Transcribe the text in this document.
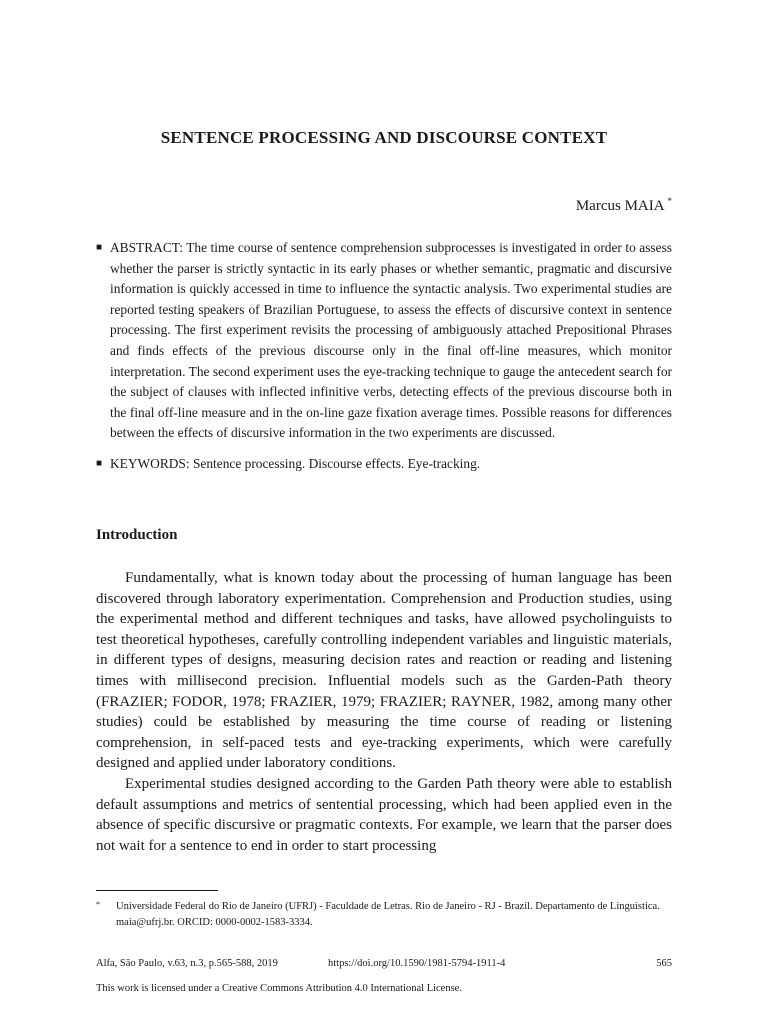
SENTENCE PROCESSING AND DISCOURSE CONTEXT
Marcus MAIA *
■ ABSTRACT: The time course of sentence comprehension subprocesses is investigated in order to assess whether the parser is strictly syntactic in its early phases or whether semantic, pragmatic and discursive information is quickly accessed in time to influence the syntactic analysis. Two experimental studies are reported testing speakers of Brazilian Portuguese, to assess the effects of discursive context in sentence processing. The first experiment revisits the processing of ambiguously attached Prepositional Phrases and finds effects of the previous discourse only in the final off-line measures, which monitor interpretation. The second experiment uses the eye-tracking technique to gauge the antecedent search for the subject of clauses with inflected infinitive verbs, detecting effects of the previous discourse both in the final off-line measure and in the on-line gaze fixation average times. Possible reasons for differences between the effects of discursive information in the two experiments are discussed.
■ KEYWORDS: Sentence processing. Discourse effects. Eye-tracking.
Introduction

Fundamentally, what is known today about the processing of human language has been discovered through laboratory experimentation. Comprehension and Production studies, using the experimental method and different techniques and tasks, have allowed psycholinguists to test theoretical hypotheses, carefully controlling independent variables and linguistic materials, in different types of designs, measuring decision rates and reaction or reading and listening times with millisecond precision. Influential models such as the Garden-Path theory (FRAZIER; FODOR, 1978; FRAZIER, 1979; FRAZIER; RAYNER, 1982, among many other studies) could be established by measuring the time course of reading or listening comprehension, in self-paced tests and eye-tracking experiments, which were carefully designed and applied under laboratory conditions.

Experimental studies designed according to the Garden Path theory were able to establish default assumptions and metrics of sentential processing, which had been applied even in the absence of specific discursive or pragmatic contexts. For example, we learn that the parser does not wait for a sentence to end in order to start processing

*	Universidade Federal do Rio de Janeiro (UFRJ) - Faculdade de Letras. Rio de Janeiro - RJ - Brazil. Departamento de Linguística. maia@ufrj.br. ORCID: 0000-0002-1583-3334.
Alfa, São Paulo, v.63, n.3, p.565-588, 2019	https://doi.org/10.1590/1981-5794-1911-4	565
This work is licensed under a Creative Commons Attribution 4.0 International License.
